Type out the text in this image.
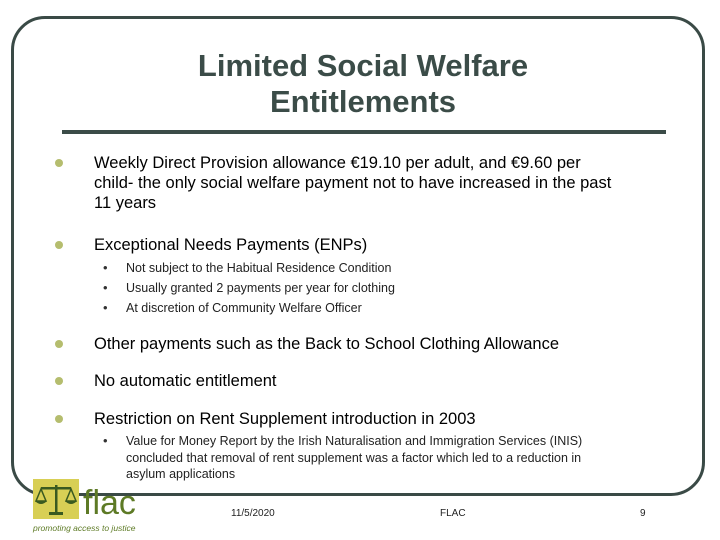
Limited Social Welfare
Entitlements
Weekly Direct Provision allowance €19.10 per adult, and €9.60 per
child- the only social welfare payment not to have increased in the past
11 years
Exceptional Needs Payments (ENPs)
• Not subject to the Habitual Residence Condition
• Usually granted 2 payments per year for clothing
• At discretion of Community Welfare Officer
Other payments such as the Back to School Clothing Allowance
No automatic entitlement
Restriction on Rent Supplement introduction in 2003
• Value for Money Report by the Irish Naturalisation and Immigration Services (INIS)
concluded that removal of rent supplement was a factor which led to a reduction in
asylum applications
flac
promoting access to justice
11/5/2020	FLAC	9
